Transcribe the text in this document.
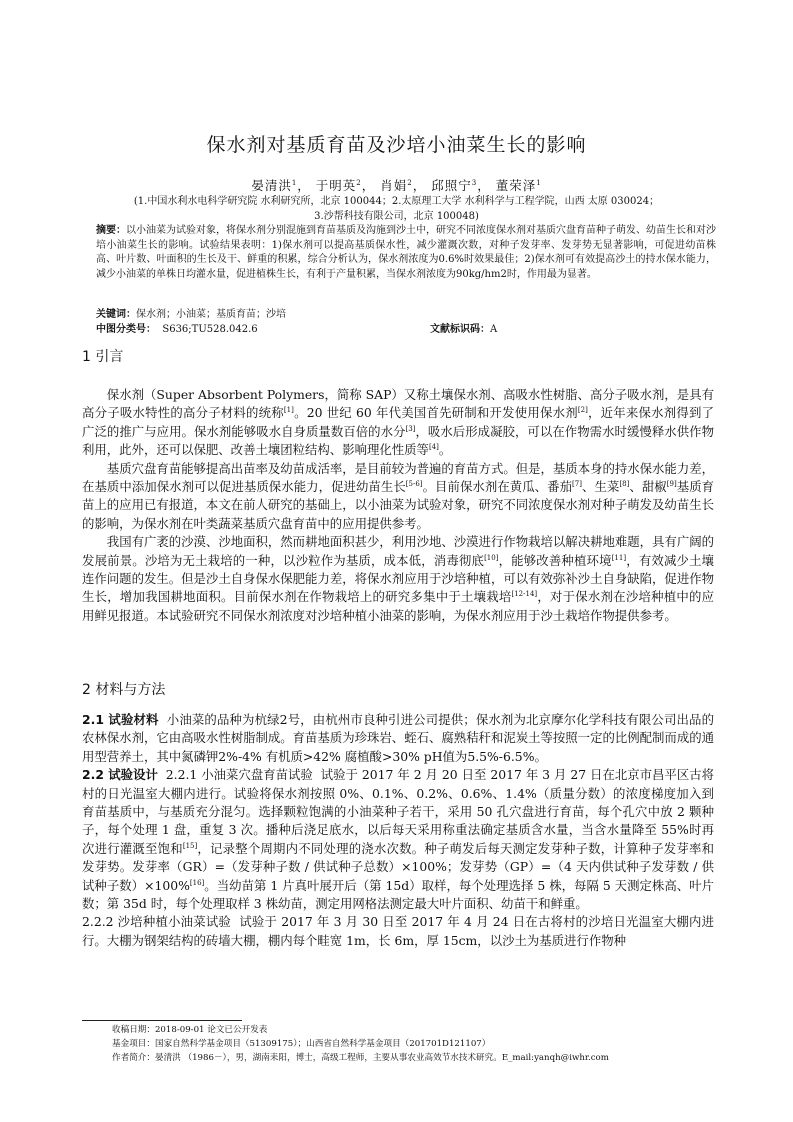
保水剂对基质育苗及沙培小油菜生长的影响
晏清洪$^1$， 于明英$^2$， 肖娟$^2$， 邱照宁$^3$， 董荣泽$^1$
(1.中国水利水电科学研究院 水利研究所，北京 100044；2.太原理工大学 水利科学与工程学院，山西 太原 030024；
3.沙帮科技有限公司，北京 100048)
摘要：以小油菜为试验对象，将保水剂分别混施到育苗基质及沟施到沙土中，研究不同浓度保水剂对基质穴盘育苗种子萌发、幼苗生长和对沙培小油菜生长的影响。试验结果表明：1)保水剂可以提高基质保水性，减少灌溉次数，对种子发芽率、发芽势无显著影响，可促进幼苗株高、叶片数、叶面积的生长及干、鲜重的积累，综合分析认为，保水剂浓度为0.6%时效果最佳；2)保水剂可有效提高沙土的持水保水能力，减少小油菜的单株日均灌水量，促进植株生长，有利于产量积累，当保水剂浓度为90kg/hm2时，作用最为显著。
关键词：保水剂；小油菜；基质育苗；沙培
中图分类号： S636;TU528.042.6	文献标识码：A
1 引言

保水剂（Super Absorbent Polymers，简称 SAP）又称土壤保水剂、高吸水性树脂、高分子吸水剂，是具有高分子吸水特性的高分子材料的统称[1]。20 世纪 60 年代美国首先研制和开发使用保水剂[2]，近年来保水剂得到了广泛的推广与应用。保水剂能够吸水自身质量数百倍的水分[3]，吸水后形成凝胶，可以在作物需水时缓慢释水供作物利用，此外，还可以保肥、改善土壤团粒结构、影响理化性质等[4]。

基质穴盘育苗能够提高出苗率及幼苗成活率，是目前较为普遍的育苗方式。但是，基质本身的持水保水能力差，在基质中添加保水剂可以促进基质保水能力，促进幼苗生长[5-6]。目前保水剂在黄瓜、番茄[7]、生菜[8]、甜椒[9]基质育苗上的应用已有报道，本文在前人研究的基础上，以小油菜为试验对象，研究不同浓度保水剂对种子萌发及幼苗生长的影响，为保水剂在叶类蔬菜基质穴盘育苗中的应用提供参考。

我国有广袤的沙漠、沙地面积，然而耕地面积甚少，利用沙地、沙漠进行作物栽培以解决耕地难题，具有广阔的发展前景。沙培为无土栽培的一种，以沙粒作为基质，成本低，消毒彻底[10]，能够改善种植环境[11]，有效减少土壤连作问题的发生。但是沙土自身保水保肥能力差，将保水剂应用于沙培种植，可以有效弥补沙土自身缺陷，促进作物生长，增加我国耕地面积。目前保水剂在作物栽培上的研究多集中于土壤栽培[12-14]，对于保水剂在沙培种植中的应用鲜见报道。本试验研究不同保水剂浓度对沙培种植小油菜的影响，为保水剂应用于沙土栽培作物提供参考。

2 材料与方法

2.1 试验材料 小油菜的品种为杭绿2号，由杭州市良种引进公司提供；保水剂为北京摩尔化学科技有限公司出品的农林保水剂，它由高吸水性树脂制成。育苗基质为珍珠岩、蛭石、腐熟秸秆和泥炭土等按照一定的比例配制而成的通用型营养土，其中氮磷钾2%-4% 有机质>42% 腐植酸>30% pH值为5.5%-6.5%。

2.2 试验设计 2.2.1 小油菜穴盘育苗试验 试验于 2017 年 2 月 20 日至 2017 年 3 月 27 日在北京市昌平区古将村的日光温室大棚内进行。试验将保水剂按照 0%、0.1%、0.2%、0.6%、1.4%（质量分数）的浓度梯度加入到育苗基质中，与基质充分混匀。选择颗粒饱满的小油菜种子若干，采用 50 孔穴盘进行育苗，每个孔穴中放 2 颗种子，每个处理 1 盘，重复 3 次。播种后浇足底水，以后每天采用称重法确定基质含水量，当含水量降至 55%时再次进行灌溉至饱和[15]，记录整个周期内不同处理的浇水次数。种子萌发后每天测定发芽种子数，计算种子发芽率和发芽势。发芽率（GR）=（发芽种子数 / 供试种子总数）×100%；发芽势（GP）=（4 天内供试种子发芽数 / 供试种子数）×100%[16]。当幼苗第 1 片真叶展开后（第 15d）取样，每个处理选择 5 株，每隔 5 天测定株高、叶片数；第 35d 时，每个处理取样 3 株幼苗，测定用网格法测定最大叶片面积、幼苗干和鲜重。

2.2.2 沙培种植小油菜试验 试验于 2017 年 3 月 30 日至 2017 年 4 月 24 日在古将村的沙培日光温室大棚内进行。大棚为钢架结构的砖墙大棚，棚内每个畦宽 1m，长 6m，厚 15cm，以沙土为基质进行作物种

收稿日期：2018-09-01 论文已公开发表
基金项目：国家自然科学基金项目（51309175）；山西省自然科学基金项目（201701D121107）
作者简介：晏清洪 （1986－），男，湖南耒阳，博士，高级工程师，主要从事农业高效节水技术研究。E_mail:yanqh@iwhr.com
